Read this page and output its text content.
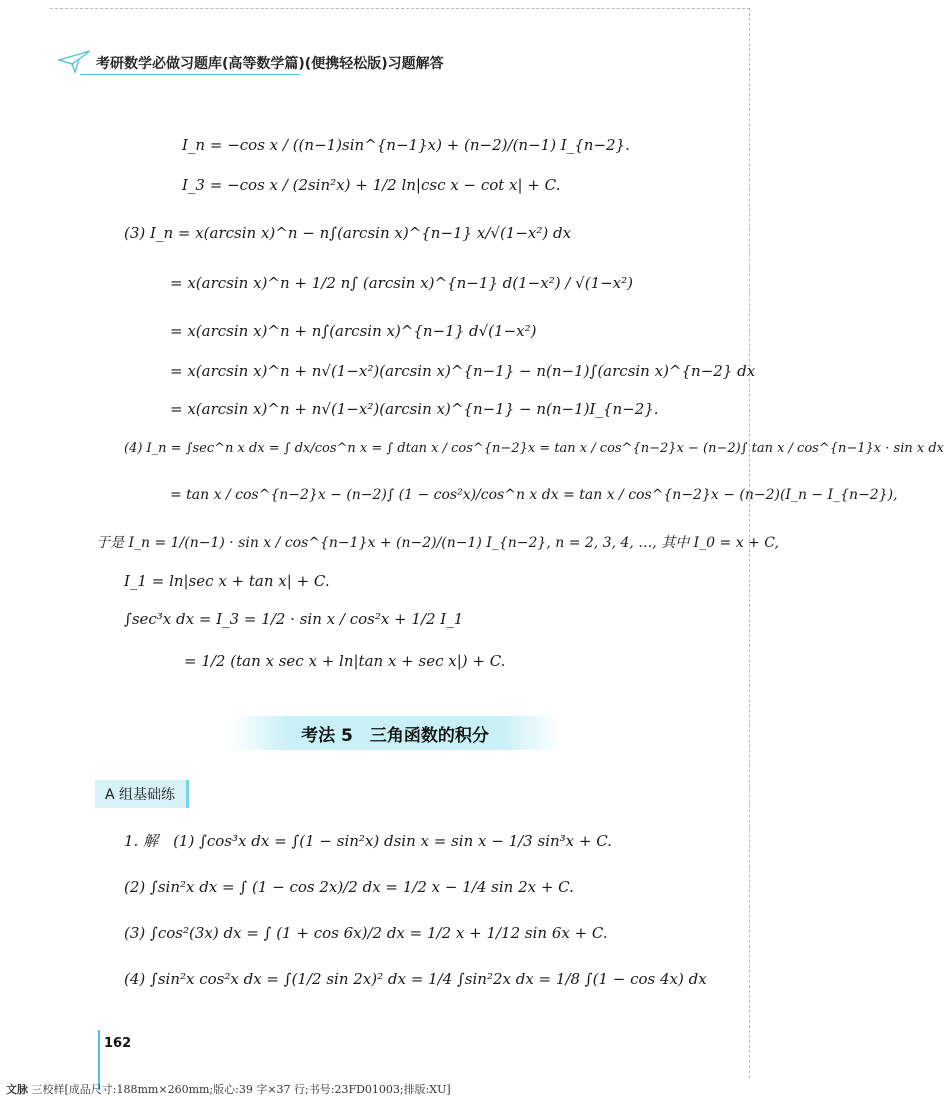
考研数学必做习题库(高等数学篇)(便携轻松版)习题解答
I_n = −cos x / ((n−1)sin^{n−1}x) + (n−2)/(n−1) I_{n−2}.
I_3 = −cos x / (2sin²x) + 1/2 ln|csc x − cot x| + C.
(3) I_n = x(arcsin x)^n − n∫(arcsin x)^{n−1} x/√(1−x²) dx
= x(arcsin x)^n + 1/2 n∫ (arcsin x)^{n−1} d(1−x²) / √(1−x²)
= x(arcsin x)^n + n∫(arcsin x)^{n−1} d√(1−x²)
= x(arcsin x)^n + n√(1−x²)(arcsin x)^{n−1} − n(n−1)∫(arcsin x)^{n−2} dx
= x(arcsin x)^n + n√(1−x²)(arcsin x)^{n−1} − n(n−1)I_{n−2}.
(4) I_n = ∫sec^n x dx = ∫ dx/cos^n x = ∫ dtan x / cos^{n−2}x = tan x / cos^{n−2}x − (n−2)∫ tan x / cos^{n−1}x · sin x dx
= tan x / cos^{n−2}x − (n−2)∫ (1 − cos²x)/cos^n x dx = tan x / cos^{n−2}x − (n−2)(I_n − I_{n−2}),
于是 I_n = 1/(n−1) · sin x / cos^{n−1}x + (n−2)/(n−1) I_{n−2}, n = 2, 3, 4, …, 其中 I_0 = x + C,
I_1 = ln|sec x + tan x| + C.
∫sec³x dx = I_3 = 1/2 · sin x / cos²x + 1/2 I_1
= 1/2 (tan x sec x + ln|tan x + sec x|) + C.
考法 5　三角函数的积分
A 组基础练
1. 解　(1) ∫cos³x dx = ∫(1 − sin²x) dsin x = sin x − 1/3 sin³x + C.
(2) ∫sin²x dx = ∫ (1 − cos 2x)/2 dx = 1/2 x − 1/4 sin 2x + C.
(3) ∫cos²(3x) dx = ∫ (1 + cos 6x)/2 dx = 1/2 x + 1/12 sin 6x + C.
(4) ∫sin²x cos²x dx = ∫(1/2 sin 2x)² dx = 1/4 ∫sin²2x dx = 1/8 ∫(1 − cos 4x) dx
162
文脉 三校样[成品尺寸:188mm×260mm;版心:39 字×37 行;书号:23FD01003;排版:XU]
